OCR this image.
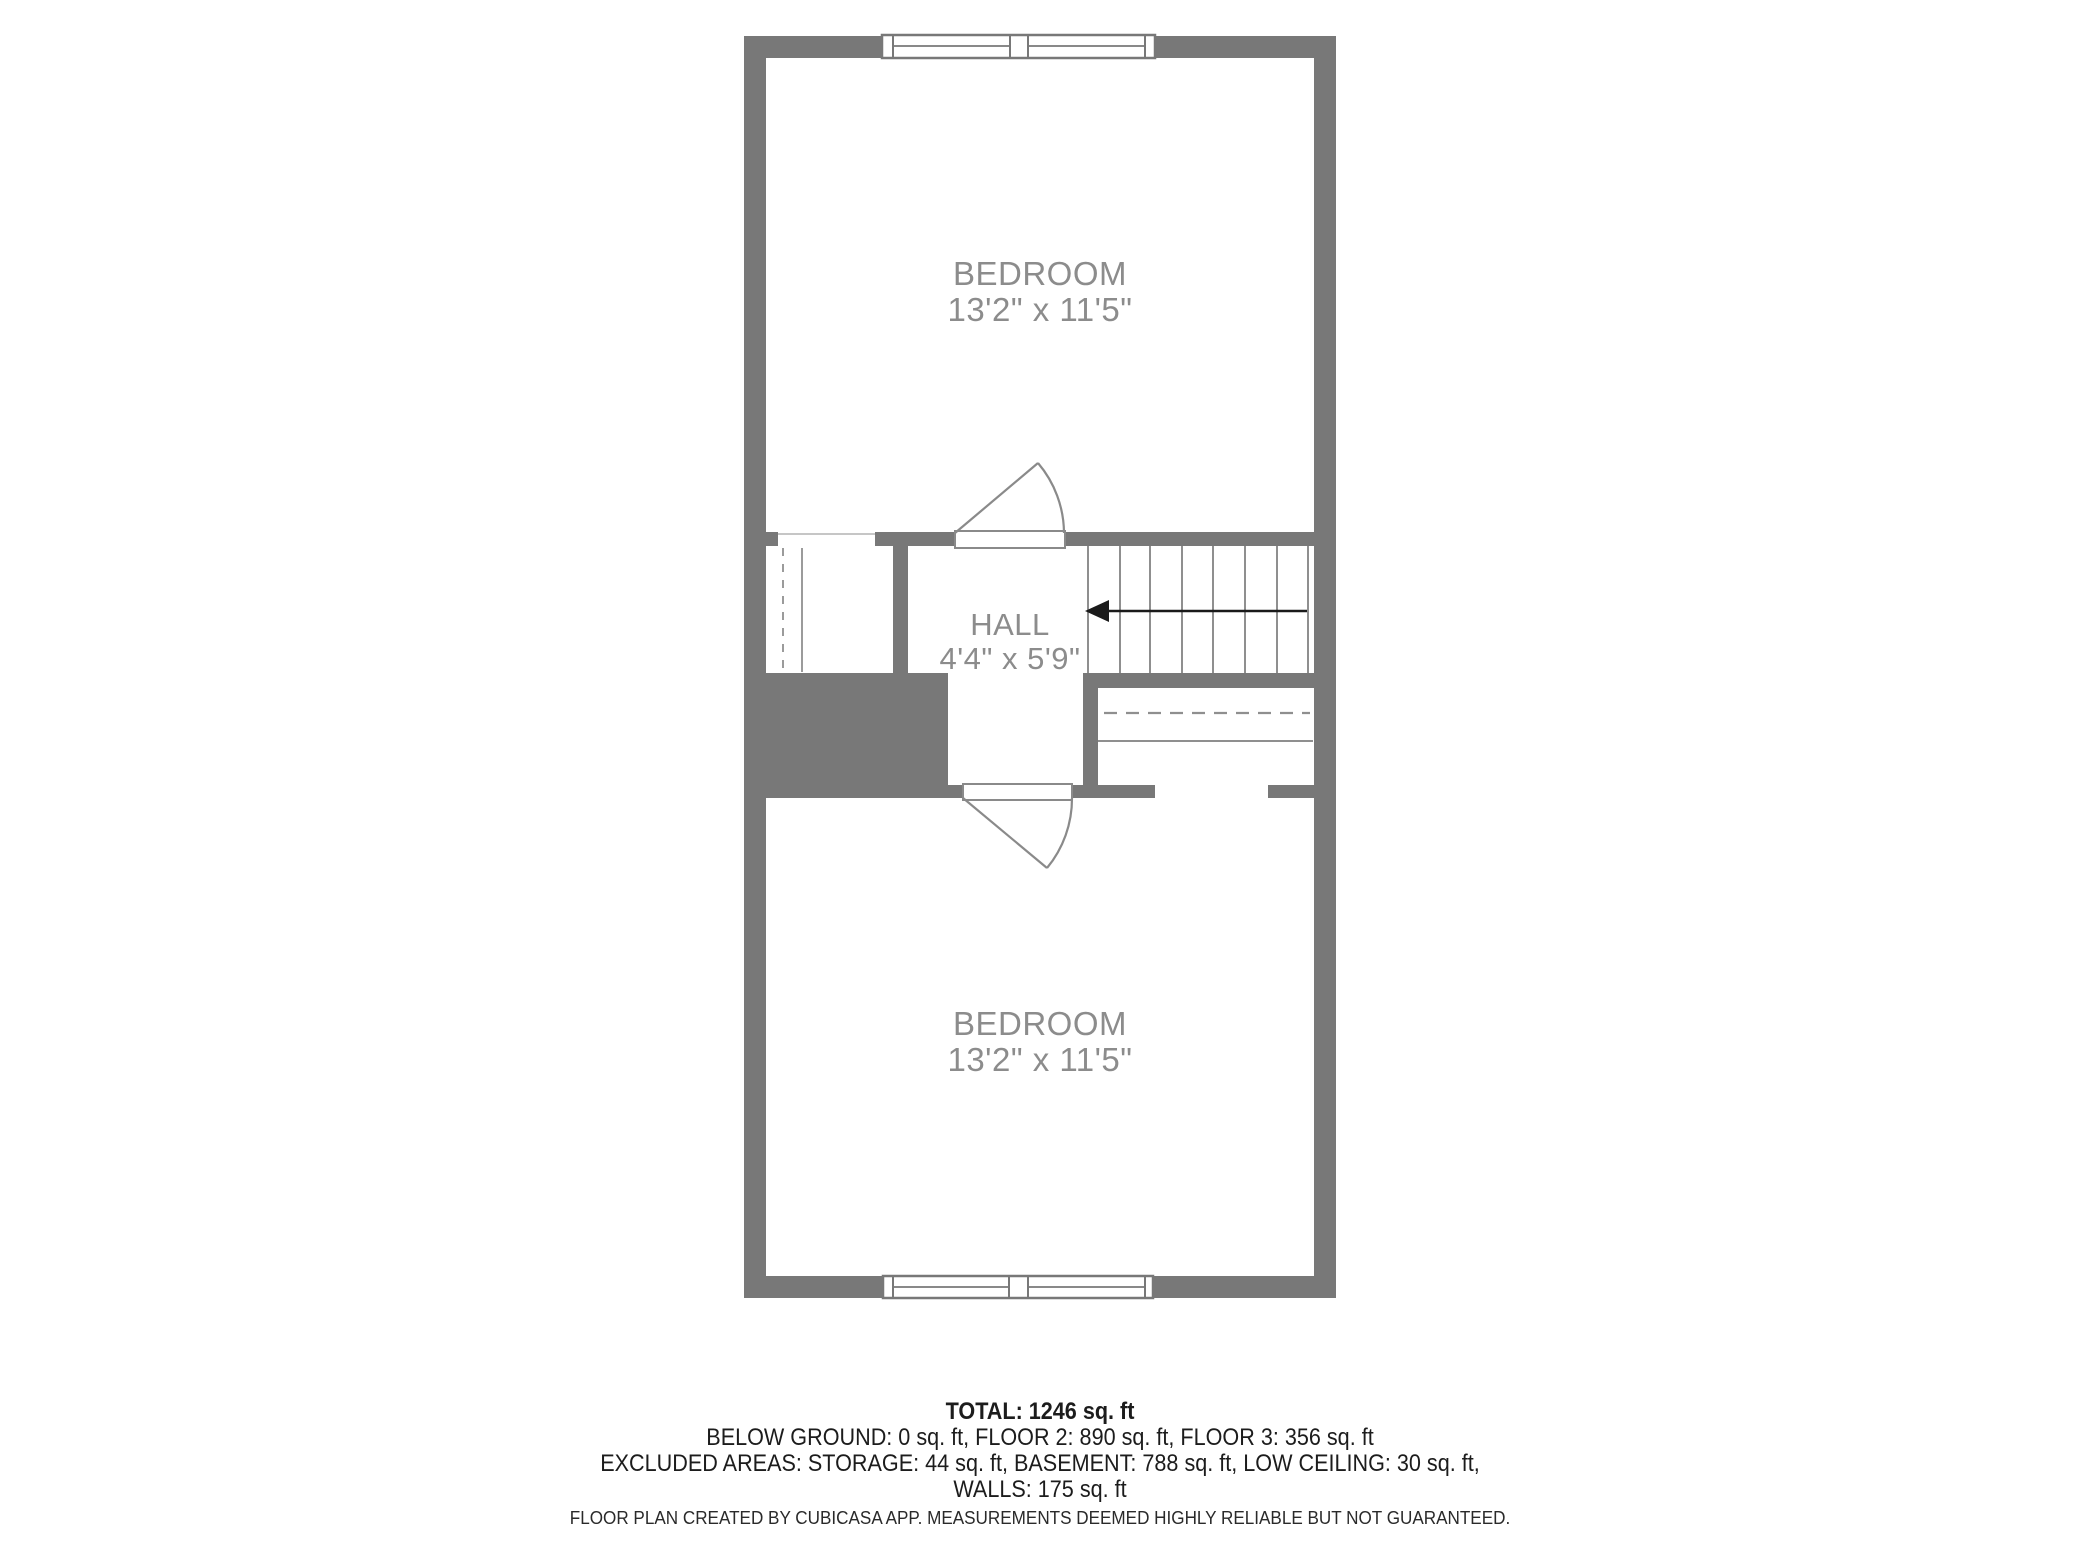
BEDROOM
13'2" x 11'5"
HALL
4'4" x 5'9"
BEDROOM
13'2" x 11'5"
TOTAL: 1246 sq. ft
BELOW GROUND: 0 sq. ft, FLOOR 2: 890 sq. ft, FLOOR 3: 356 sq. ft
EXCLUDED AREAS: STORAGE: 44 sq. ft, BASEMENT: 788 sq. ft, LOW CEILING: 30 sq. ft,
WALLS: 175 sq. ft
FLOOR PLAN CREATED BY CUBICASA APP. MEASUREMENTS DEEMED HIGHLY RELIABLE BUT NOT GUARANTEED.
